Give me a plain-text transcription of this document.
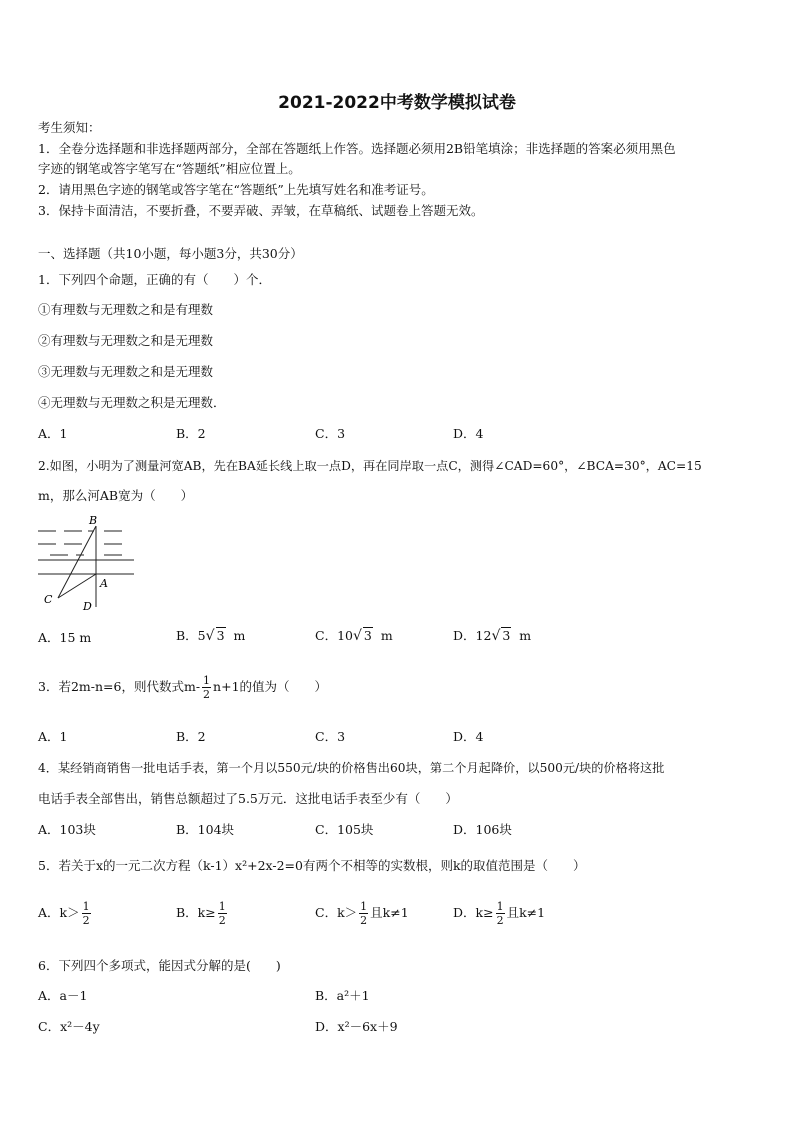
2021-2022中考数学模拟试卷
考生须知：
1．全卷分选择题和非选择题两部分，全部在答题纸上作答。选择题必须用2B铅笔填涂；非选择题的答案必须用黑色
字迹的钢笔或答字笔写在“答题纸”相应位置上。
2．请用黑色字迹的钢笔或答字笔在“答题纸”上先填写姓名和准考证号。
3．保持卡面清洁，不要折叠，不要弄破、弄皱，在草稿纸、试题卷上答题无效。
一、选择题（共10小题，每小题3分，共30分）
1．下列四个命题，正确的有（　　）个．
①有理数与无理数之和是有理数
②有理数与无理数之和是无理数
③无理数与无理数之和是无理数
④无理数与无理数之积是无理数．
A．1	B．2	C．3	D．4
2.如图，小明为了测量河宽AB，先在BA延长线上取一点D，再在同岸取一点C，测得∠CAD=60°，∠BCA=30°，AC=15
m，那么河AB宽为（　　）
B
A
C
D
A．15 m	B．5√ 3 m	C．10√ 3 m	D．12√ 3 m
3．若2m-n=6，则代数式$m- \frac{1}{2} n+1$的值为（　　）
A．1	B．2	C．3	D．4
4．某经销商销售一批电话手表，第一个月以550元/块的价格售出60块，第二个月起降价，以500元/块的价格将这批
电话手表全部售出，销售总额超过了5.5万元．这批电话手表至少有（　　）
A．103块	B．104块	C．105块	D．106块
5．若关于x的一元二次方程（k-1）x²+2x-2=0有两个不相等的实数根，则k的取值范围是（　　）
A．$k> \frac{1}{2}$	B．$k\ge \frac{1}{2}$	C．$k> \frac{1}{2}$ 且k≠1	D．$k\ge \frac{1}{2}$ 且k≠1
6．下列四个多项式，能因式分解的是(　　)
A．a－1	B．a²＋1
C．x²－4y	D．x²－6x＋9
